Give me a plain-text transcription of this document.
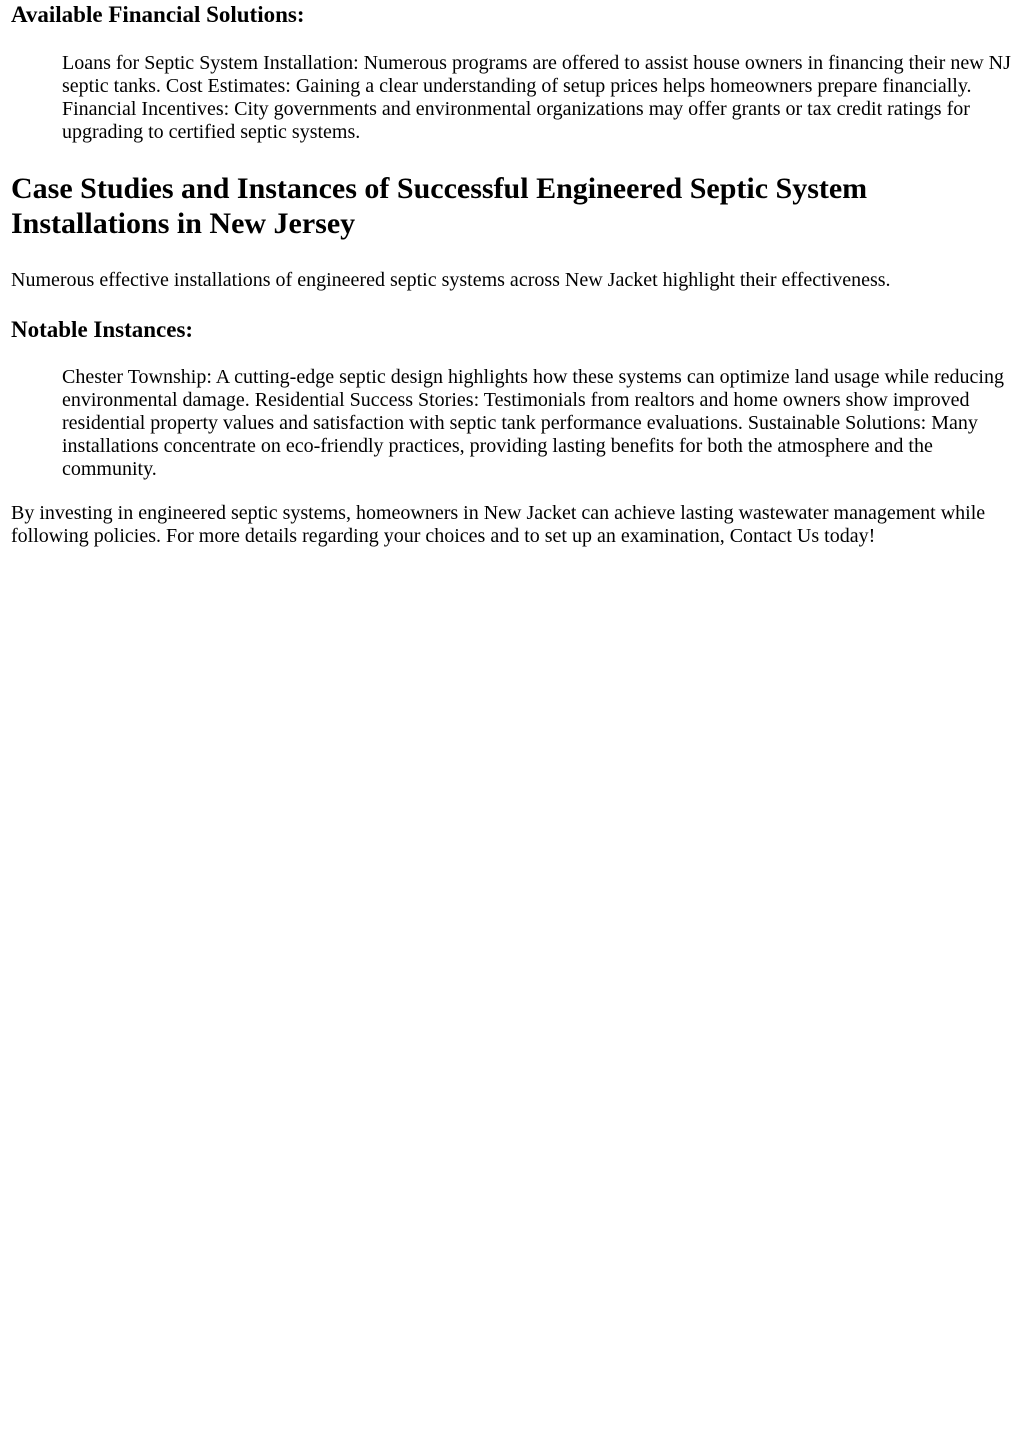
Available Financial Solutions:
Loans for Septic System Installation: Numerous programs are offered to assist house owners in financing their new NJ septic tanks. Cost Estimates: Gaining a clear understanding of setup prices helps homeowners prepare financially. Financial Incentives: City governments and environmental organizations may offer grants or tax credit ratings for upgrading to certified septic systems.
Case Studies and Instances of Successful Engineered Septic System Installations in New Jersey

Numerous effective installations of engineered septic systems across New Jacket highlight their effectiveness.

Notable Instances:
Chester Township: A cutting-edge septic design highlights how these systems can optimize land usage while reducing environmental damage. Residential Success Stories: Testimonials from realtors and home owners show improved residential property values and satisfaction with septic tank performance evaluations. Sustainable Solutions: Many installations concentrate on eco-friendly practices, providing lasting benefits for both the atmosphere and the community.

By investing in engineered septic systems, homeowners in New Jacket can achieve lasting wastewater management while following policies. For more details regarding your choices and to set up an examination, Contact Us today!
